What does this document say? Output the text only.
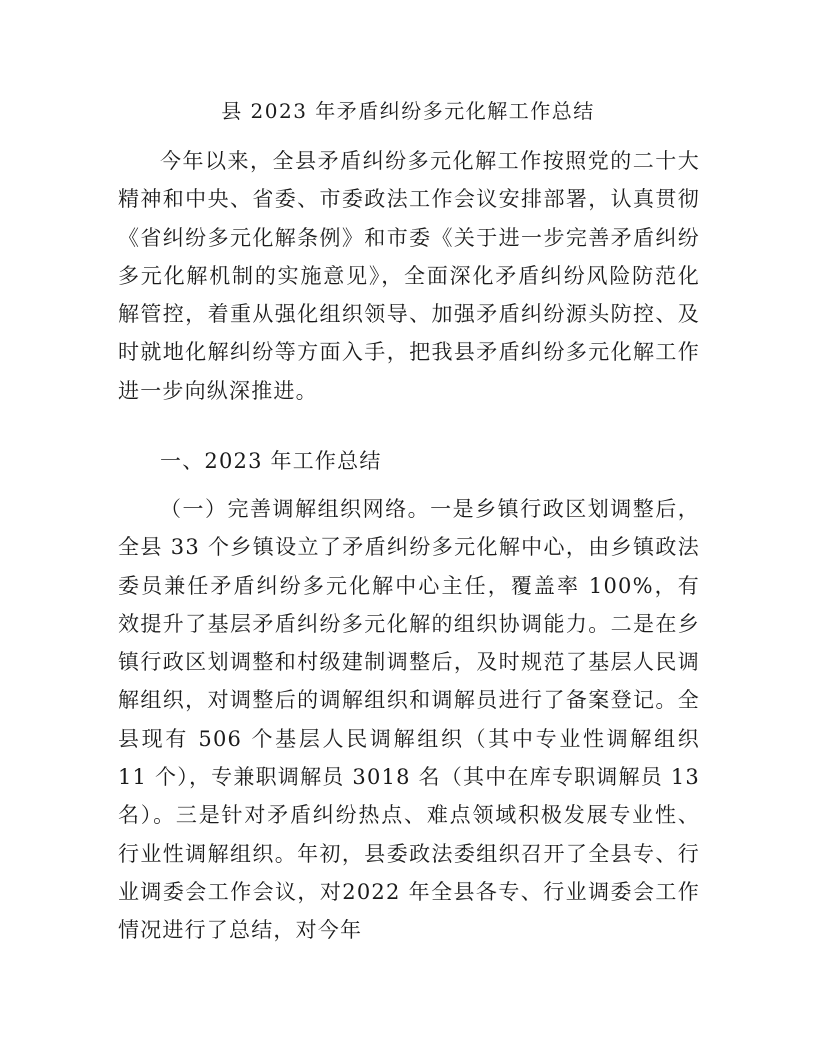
县 2023 年矛盾纠纷多元化解工作总结
今年以来，全县矛盾纠纷多元化解工作按照党的二十大精神和中央、省委、市委政法工作会议安排部署，认真贯彻《省纠纷多元化解条例》和市委《关于进一步完善矛盾纠纷多元化解机制的实施意见》，全面深化矛盾纠纷风险防范化解管控，着重从强化组织领导、加强矛盾纠纷源头防控、及时就地化解纠纷等方面入手，把我县矛盾纠纷多元化解工作进一步向纵深推进。
一、2023 年工作总结
（一）完善调解组织网络。一是乡镇行政区划调整后，全县 33 个乡镇设立了矛盾纠纷多元化解中心，由乡镇政法委员兼任矛盾纠纷多元化解中心主任，覆盖率 100%，有效提升了基层矛盾纠纷多元化解的组织协调能力。二是在乡镇行政区划调整和村级建制调整后，及时规范了基层人民调解组织，对调整后的调解组织和调解员进行了备案登记。全县现有 506 个基层人民调解组织（其中专业性调解组织 11 个），专兼职调解员 3018 名（其中在库专职调解员 13 名）。三是针对矛盾纠纷热点、难点领域积极发展专业性、行业性调解组织。年初，县委政法委组织召开了全县专、行业调委会工作会议，对2022 年全县各专、行业调委会工作情况进行了总结，对今年
